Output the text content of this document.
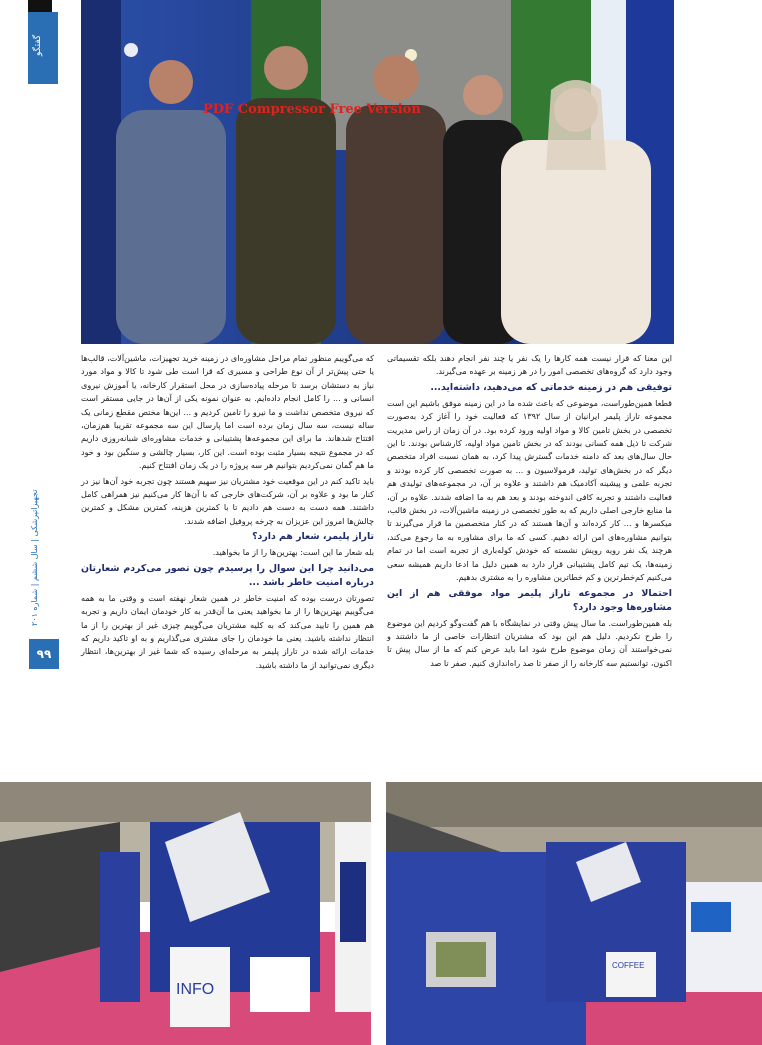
گفتگو
PDF Compressor Free Version

این معنا که قرار نیست همه کارها را یک نفر یا چند نفر انجام دهند بلکه تقسیماتی وجود دارد که گروه‌های تخصصی امور را در هر زمینه بر عهده می‌گیرند.

توفیقی هم در زمینه خدماتی که می‌دهید، داشته‌اید...

قطعا همین‌طوراست، موضوعی که باعث شده ما در این زمینه موفق باشیم این است مجموعه تاراز پلیمر ایرانیان از سال ۱۳۹۲ که فعالیت خود را آغاز کرد به‌صورت تخصصی در بخش تامین کالا و مواد اولیه ورود کرده بود. در آن زمان از راس مدیریت شرکت تا ذیل همه کسانی بودند که در بخش تامین مواد اولیه، کارشناس بودند. تا این حال سال‌های بعد که دامنه خدمات گسترش پیدا کرد، به همان نسبت افراد متخصص دیگر که در بخش‌های تولید، فرمولاسیون و ... به صورت تخصصی کار کرده بودند و تجربه علمی و پیشینه آکادمیک هم داشتند و علاوه بر آن، در مجموعه‌های تولیدی هم فعالیت داشتند و تجربه کافی اندوخته بودند و بعد هم به ما اضافه شدند. علاوه بر آن، ما منابع خارجی اصلی داریم که به طور تخصصی در زمینه ماشین‌آلات، در بخش قالب، میکسرها و ... کار کرده‌اند و آن‌ها هستند که در کنار متخصصین ما قرار می‌گیرند تا بتوانیم مشاوره‌های امن ارائه دهیم. کسی که ما برای مشاوره به ما رجوع می‌کند، هرچند یک نفر رویه رویش نشسته که خودش کوله‌باری از تجربه است اما در تمام زمینه‌ها، یک تیم کامل پشتیبانی قرار دارد به همین دلیل ما ادعا داریم همیشه سعی می‌کنیم کم‌خطرترین و کم خطاترین مشاوره را به مشتری بدهیم.

احتمالا در مجموعه تاراز پلیمر مواد موفقی هم از این مشاوره‌ها وجود دارد؟

بله همین‌طوراست. ما سال پیش وقتی در نمایشگاه با هم گفت‌وگو کردیم این موضوع را طرح نکردیم. دلیل هم این بود که مشتریان انتظارات خاصی از ما داشتند و نمی‌خواستند آن زمان موضوع طرح شود اما باید عرض کنم که ما از سال پیش تا اکنون، توانستیم سه کارخانه را از صفر تا صد راه‌اندازی کنیم. صفر تا صد

که می‌گوییم منظور تمام مراحل مشاوره‌ای در زمینه خرید تجهیزات، ماشین‌آلات، قالب‌ها یا حتی پیش‌تر از آن نوع طراحی و مسیری که قرا است طی شود تا کالا و مواد مورد نیاز به دستشان برسد تا مرحله پیاده‌سازی در محل استقرار کارخانه، یا آموزش نیروی انسانی و ... را کامل انجام داده‌ایم. به عنوان نمونه یکی از آن‌ها در جایی مستقر است که نیروی متخصص نداشت و ما نیرو را تامین کردیم و ... این‌ها مختص مقطع زمانی یک ساله نیست، سه سال زمان برده است اما پارسال این سه مجموعه تقریبا هم‌زمان، افتتاح شدهاند. ما برای این مجموعه‌ها پشتیبانی و خدمات مشاوره‌ای شبانه‌روزی داریم که در مجموع نتیجه بسیار مثبت بوده است. این کار، بسیار چالشی و سنگین بود و خود ما هم گمان نمی‌کردیم بتوانیم هر سه پروژه را در یک زمان افتتاح کنیم.

باید تاکید کنم در این موقعیت خود مشتریان نیز سهیم هستند چون تجربه خود آن‌ها نیز در کنار ما بود و علاوه بر آن، شرکت‌های خارجی که با آن‌ها کار می‌کنیم نیز همراهی کامل داشتند. همه دست به دست هم دادیم تا با کمترین هزینه، کمترین مشکل و کمترین چالش‌ها امروز این عزیزان به چرخه پروفیل اضافه شدند.

تاراز پلیمر، شعار هم دارد؟

بله شعار ما این است: بهترین‌ها را از ما بخواهید.

می‌دانید چرا این سوال را پرسیدم چون تصور می‌کردم شعارتان درباره امنیت خاطر باشد ...

تصورتان درست بوده که امنیت خاطر در همین شعار نهفته است و وقتی ما به همه می‌گوییم بهترین‌ها را از ما بخواهید یعنی ما آن‌قدر به کار خودمان ایمان داریم و تجربه هم همین را تایید می‌کند که به کلیه مشتریان می‌گوییم چیزی غیر از بهترین را از ما انتظار نداشته باشید. یعنی ما خودمان را جای مشتری می‌گذاریم و به او تاکید داریم که خدمات ارائه شده در تاراز پلیمر به مرحله‌ای رسیده که شما غیر از بهترین‌ها، انتظار دیگری نمی‌توانید از ما داشته باشید.

تجهیزاتپزشکی | سال ششم | شماره ۲۰۱
۹۹
INFO
COFFEE
